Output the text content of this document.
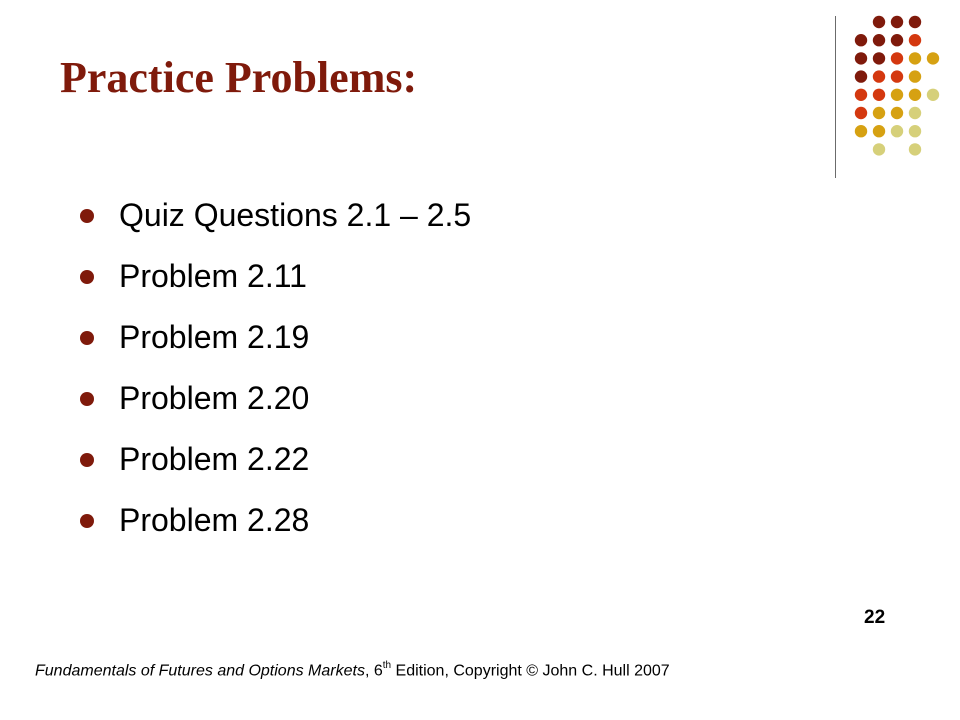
Practice Problems:
Quiz Questions 2.1 – 2.5
Problem 2.11
Problem 2.19
Problem 2.20
Problem 2.22
Problem 2.28
22
Fundamentals of Futures and Options Markets, 6th Edition, Copyright © John C. Hull 2007
